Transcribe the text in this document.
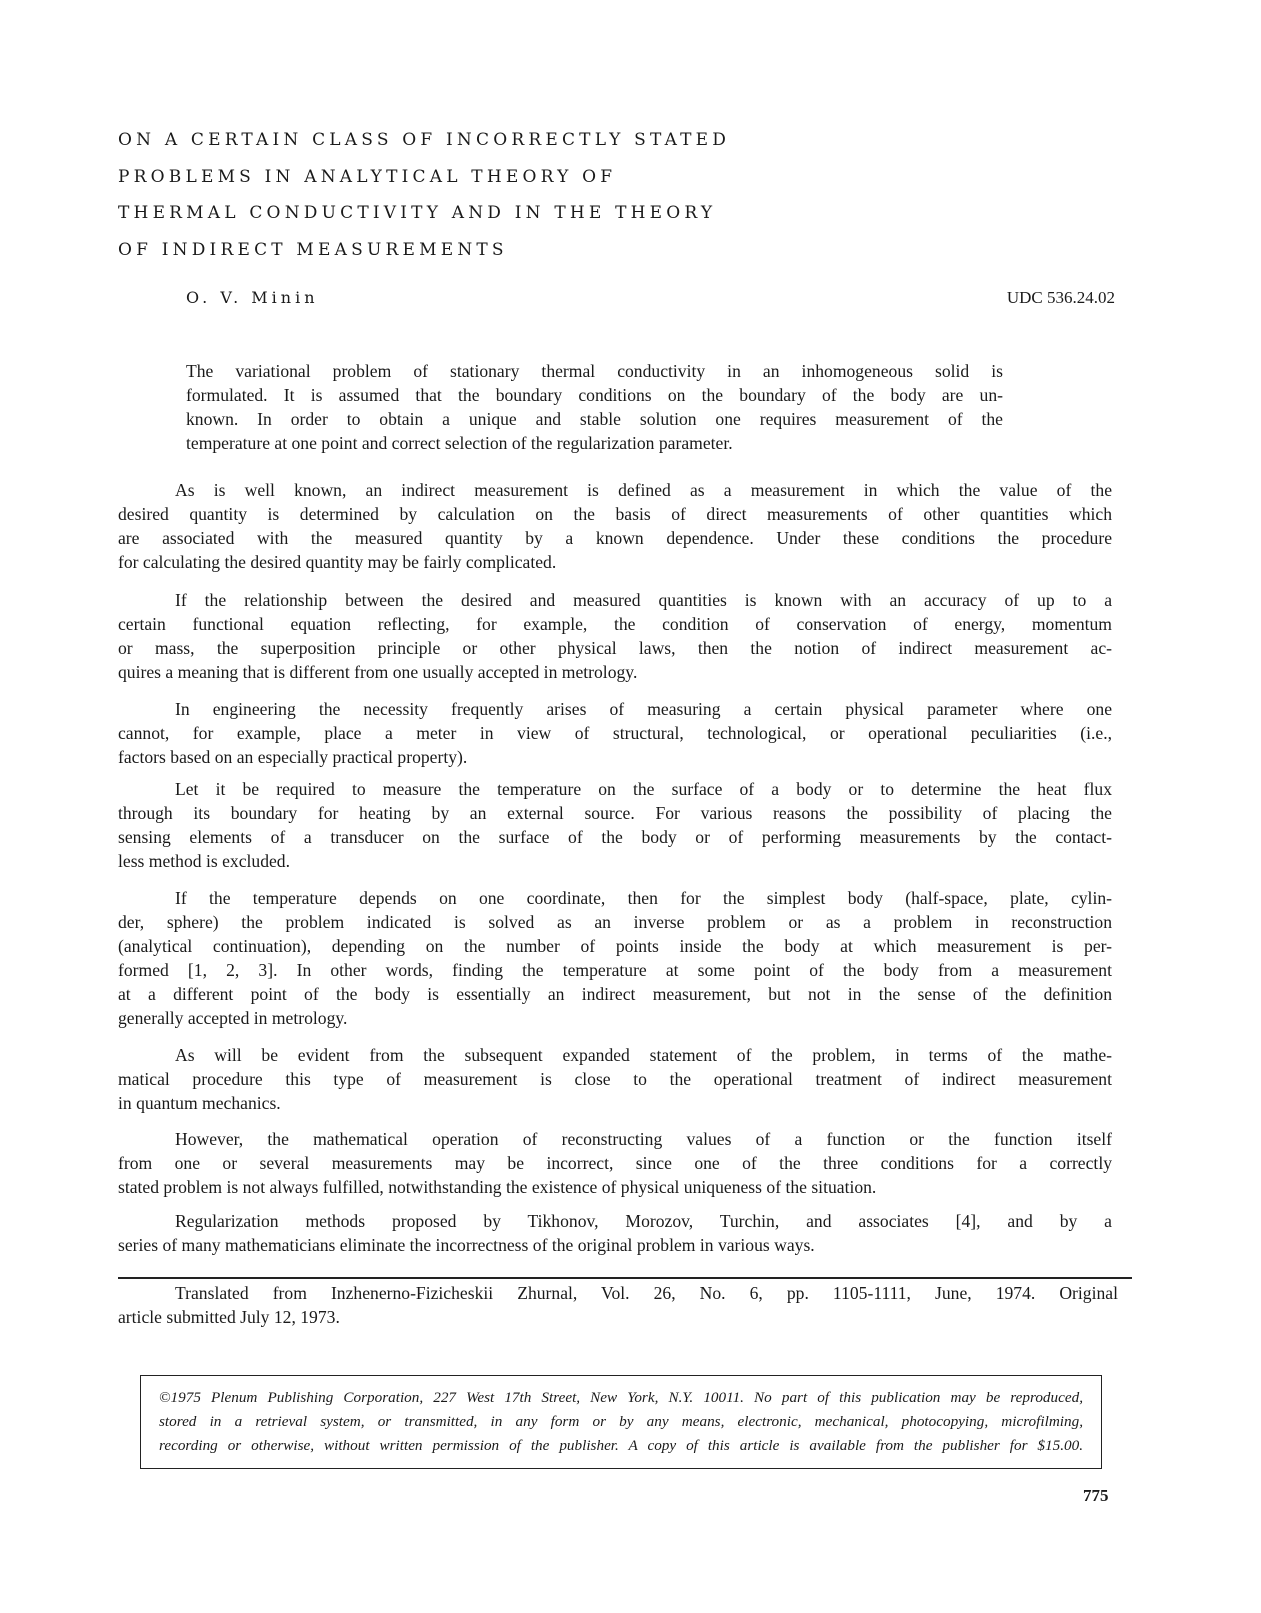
ON A CERTAIN CLASS OF INCORRECTLY STATED
PROBLEMS IN ANALYTICAL THEORY OF
THERMAL CONDUCTIVITY AND IN THE THEORY
OF INDIRECT MEASUREMENTS
O. V. Minin	UDC 536.24.02
The variational problem of stationary thermal conductivity in an inhomogeneous solid is
formulated. It is assumed that the boundary conditions on the boundary of the body are un-
known. In order to obtain a unique and stable solution one requires measurement of the
temperature at one point and correct selection of the regularization parameter.
As is well known, an indirect measurement is defined as a measurement in which the value of the
desired quantity is determined by calculation on the basis of direct measurements of other quantities which
are associated with the measured quantity by a known dependence. Under these conditions the procedure
for calculating the desired quantity may be fairly complicated.
If the relationship between the desired and measured quantities is known with an accuracy of up to a
certain functional equation reflecting, for example, the condition of conservation of energy, momentum
or mass, the superposition principle or other physical laws, then the notion of indirect measurement ac-
quires a meaning that is different from one usually accepted in metrology.
In engineering the necessity frequently arises of measuring a certain physical parameter where one
cannot, for example, place a meter in view of structural, technological, or operational peculiarities (i.e.,
factors based on an especially practical property).
Let it be required to measure the temperature on the surface of a body or to determine the heat flux
through its boundary for heating by an external source. For various reasons the possibility of placing the
sensing elements of a transducer on the surface of the body or of performing measurements by the contact-
less method is excluded.
If the temperature depends on one coordinate, then for the simplest body (half-space, plate, cylin-
der, sphere) the problem indicated is solved as an inverse problem or as a problem in reconstruction
(analytical continuation), depending on the number of points inside the body at which measurement is per-
formed [1, 2, 3]. In other words, finding the temperature at some point of the body from a measurement
at a different point of the body is essentially an indirect measurement, but not in the sense of the definition
generally accepted in metrology.
As will be evident from the subsequent expanded statement of the problem, in terms of the mathe-
matical procedure this type of measurement is close to the operational treatment of indirect measurement
in quantum mechanics.
However, the mathematical operation of reconstructing values of a function or the function itself
from one or several measurements may be incorrect, since one of the three conditions for a correctly
stated problem is not always fulfilled, notwithstanding the existence of physical uniqueness of the situation.
Regularization methods proposed by Tikhonov, Morozov, Turchin, and associates [4], and by a
series of many mathematicians eliminate the incorrectness of the original problem in various ways.
Translated from Inzhenerno-Fizicheskii Zhurnal, Vol. 26, No. 6, pp. 1105-1111, June, 1974. Original
article submitted July 12, 1973.
©1975 Plenum Publishing Corporation, 227 West 17th Street, New York, N.Y. 10011. No part of this publication may be reproduced,
stored in a retrieval system, or transmitted, in any form or by any means, electronic, mechanical, photocopying, microfilming,
recording or otherwise, without written permission of the publisher. A copy of this article is available from the publisher for $15.00.
775
